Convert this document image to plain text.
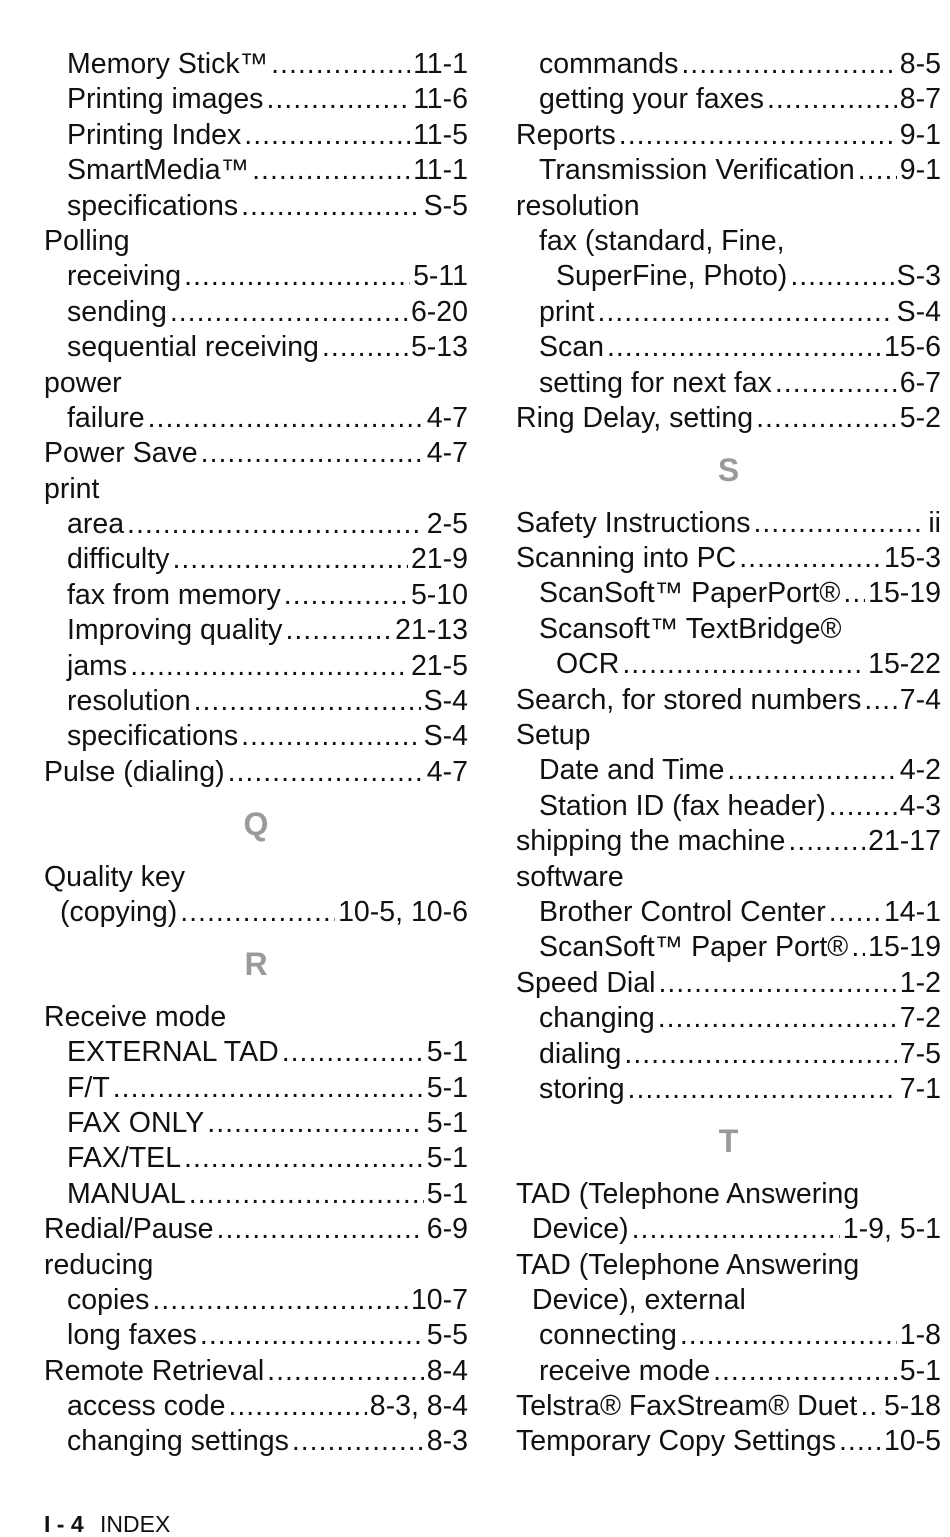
Memory Stick™ .....	11-1
Printing images .....	11-6
Printing Index .....	11-5
SmartMedia™ .....	11-1
specifications .....	S-5
Polling
receiving .....	5-11
sending .....	6-20
sequential receiving .....	5-13
power
failure .....	4-7
Power Save .....	4-7
print
area .....	2-5
difficulty .....	21-9
fax from memory .....	5-10
Improving quality .....	21-13
jams .....	21-5
resolution .....	S-4
specifications .....	S-4
Pulse (dialing) .....	4-7
Q
Quality key
(copying) .....	10-5, 10-6
R
Receive mode
EXTERNAL TAD .....	5-1
F/T .....	5-1
FAX ONLY .....	5-1
FAX/TEL .....	5-1
MANUAL .....	5-1
Redial/Pause .....	6-9
reducing
copies .....	10-7
long faxes .....	5-5
Remote Retrieval .....	8-4
access code .....	8-3, 8-4
changing settings .....	8-3
commands .....	8-5
getting your faxes .....	8-7
Reports .....	9-1
Transmission Verification ..... 9-1
resolution
fax (standard, Fine,
SuperFine, Photo) .....	S-3
print .....	S-4
Scan .....	15-6
setting for next fax .....	6-7
Ring Delay, setting .....	5-2
S
Safety Instructions .....	ii
Scanning into PC .....	15-3
ScanSoft™ PaperPort® ..... 15-19
Scansoft™ TextBridge®
OCR .....	15-22
Search, for stored numbers ..... 7-4
Setup
Date and Time .....	4-2
Station ID (fax header) .....	4-3
shipping the machine .....	21-17
software
Brother Control Center ..... 14-1
ScanSoft™ Paper Port® ..... 15-19
Speed Dial .....	1-2
changing .....	7-2
dialing .....	7-5
storing .....	7-1
T
TAD (Telephone Answering
Device) .....	1-9, 5-1
TAD (Telephone Answering
Device), external
connecting .....	1-8
receive mode .....	5-1
Telstra® FaxStream® Duet ..... 5-18
Temporary Copy Settings ..... 10-5
I - 4 INDEX
